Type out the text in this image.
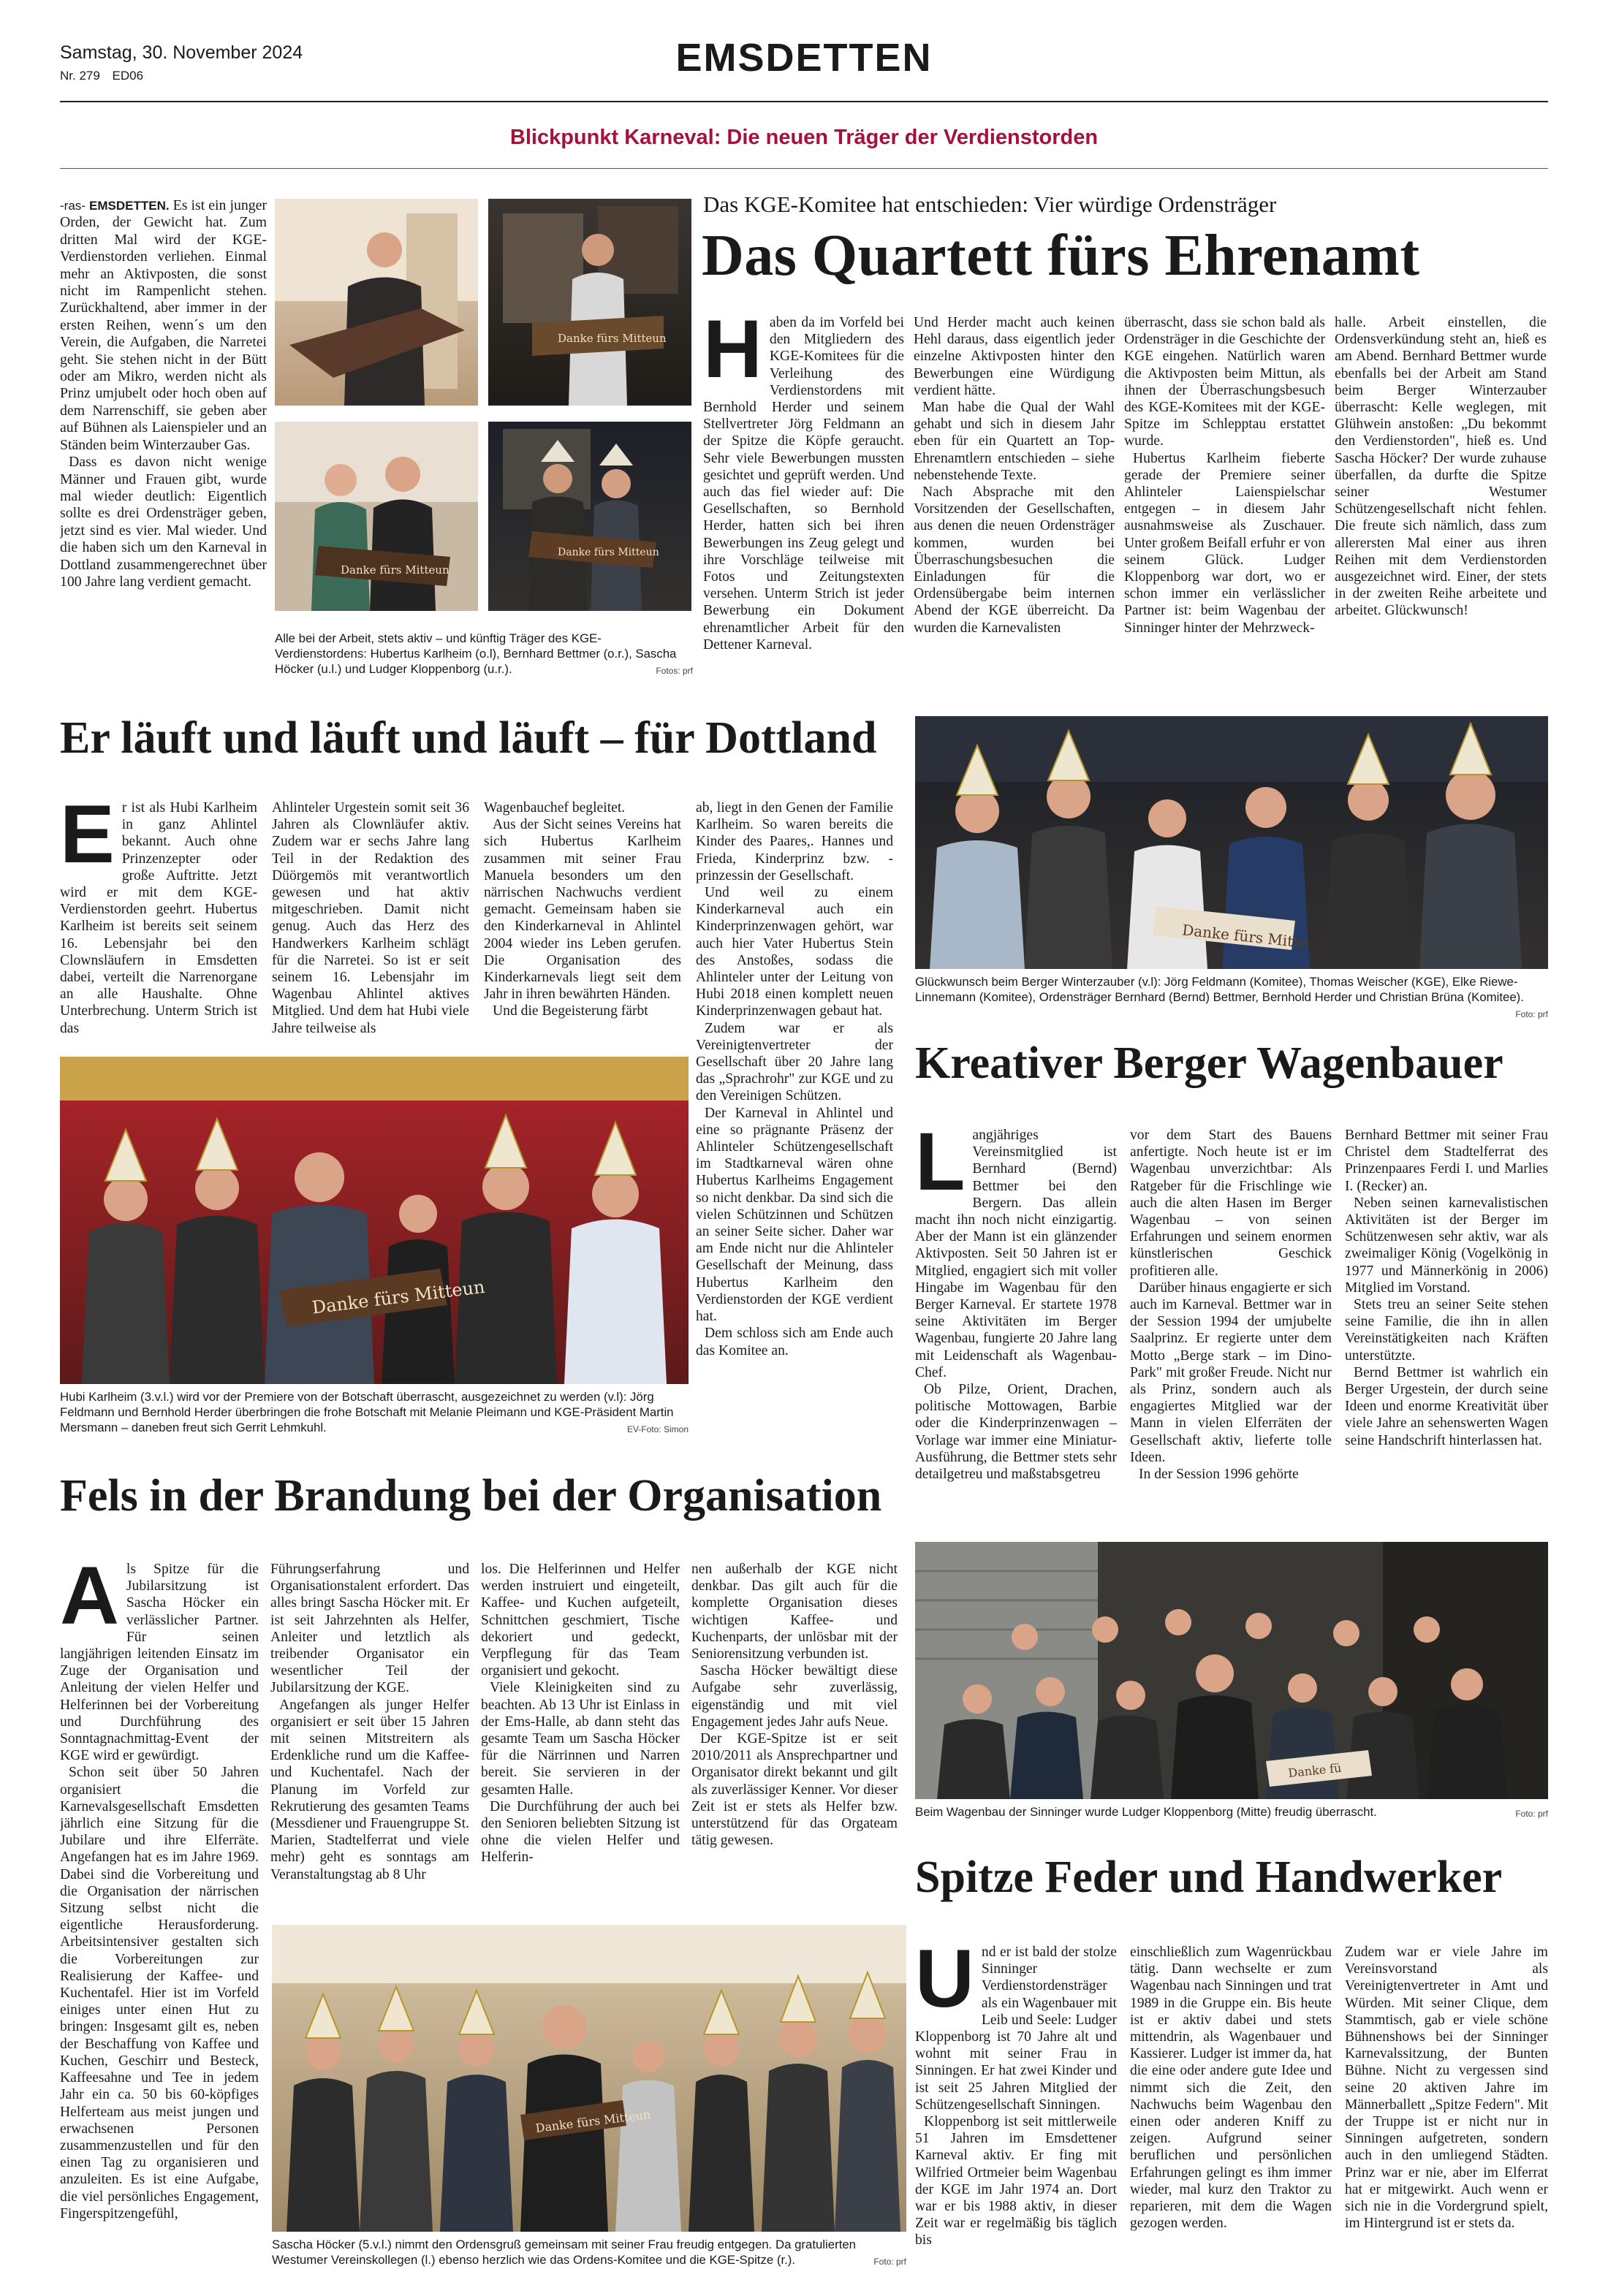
Samstag, 30. November 2024
Nr. 279 ED06	EMSDETTEN
Blickpunkt Karneval: Die neuen Träger der Verdienstorden

-ras- EMSDETTEN. Es ist ein junger Orden, der Gewicht hat. Zum dritten Mal wird der KGE-Verdienstorden verliehen. Einmal mehr an Aktivposten, die sonst nicht im Rampenlicht stehen. Zurückhaltend, aber immer in der ersten Reihen, wenn´s um den Verein, die Aufgaben, die Narretei geht. Sie stehen nicht in der Bütt oder am Mikro, werden nicht als Prinz umjubelt oder hoch oben auf dem Narrenschiff, sie geben aber auf Bühnen als Laienspieler und an Ständen beim Winterzauber Gas.

Dass es davon nicht wenige Männer und Frauen gibt, wurde mal wieder deutlich: Eigentlich sollte es drei Ordensträger geben, jetzt sind es vier. Mal wieder. Und die haben sich um den Karneval in Dottland zusammengerechnet über 100 Jahre lang verdient gemacht.

Danke fürs Mitteun
Danke fürs Mitteun
Danke fürs Mitteun
Alle bei der Arbeit, stets aktiv – und künftig Träger des KGE-Verdienstordens: Hubertus Karlheim (o.l), Bernhard Bettmer (o.r.), Sascha Höcker (u.l.) und Ludger Kloppenborg (u.r.).	Fotos: prf
Das KGE-Komitee hat entschieden: Vier würdige Ordensträger
Das Quartett fürs Ehrenamt

Haben da im Vorfeld bei den Mitgliedern des KGE-Komitees für die Verleihung des Verdienstordens mit Bernhold Herder und seinem Stellvertreter Jörg Feldmann an der Spitze die Köpfe geraucht. Sehr viele Bewerbungen mussten gesichtet und geprüft werden. Und auch das fiel wieder auf: Die Gesellschaften, so Bernhold Herder, hatten sich bei ihren Bewerbungen ins Zeug gelegt und ihre Vorschläge teilweise mit Fotos und Zeitungstexten versehen. Unterm Strich ist jeder Bewerbung ein Dokument ehrenamtlicher Arbeit für den Dettener Karneval.

Und Herder macht auch keinen Hehl daraus, dass eigentlich jeder einzelne Aktivposten hinter den Bewerbungen eine Würdigung verdient hätte.

Man habe die Qual der Wahl gehabt und sich in diesem Jahr eben für ein Quartett an Top-Ehrenamtlern entschieden – siehe nebenstehende Texte.

Nach Absprache mit den Vorsitzenden der Gesellschaften, aus denen die neuen Ordensträger kommen, wurden bei Überraschungsbesuchen die Einladungen für die Ordensübergabe beim internen Abend der KGE überreicht. Da wurden die Karnevalisten

überrascht, dass sie schon bald als Ordensträger in die Geschichte der KGE eingehen. Natürlich waren die Aktivposten beim Mittun, als ihnen der Überraschungsbesuch des KGE-Komitees mit der KGE-Spitze im Schlepptau erstattet wurde.

Hubertus Karlheim fieberte gerade der Premiere seiner Ahlinteler Laienspielschar entgegen – in diesem Jahr ausnahmsweise als Zuschauer. Unter großem Beifall erfuhr er von seinem Glück. Ludger Kloppenborg war dort, wo er schon immer ein verlässlicher Partner ist: beim Wagenbau der Sinninger hinter der Mehrzweck-

halle. Arbeit einstellen, die Ordensverkündung steht an, hieß es am Abend. Bernhard Bettmer wurde ebenfalls bei der Arbeit am Stand beim Berger Winterzauber überrascht: Kelle weglegen, mit Glühwein anstoßen: „Du bekommt den Verdienstorden", hieß es. Und Sascha Höcker? Der wurde zuhause überfallen, da durfte die Spitze seiner Westumer Schützengesellschaft nicht fehlen. Die freute sich nämlich, dass zum allerersten Mal einer aus ihren Reihen mit dem Verdienstorden ausgezeichnet wird. Einer, der stets in der zweiten Reihe arbeitete und arbeitet. Glückwunsch!

Er läuft und läuft und läuft – für Dottland

Er ist als Hubi Karlheim in ganz Ahlintel bekannt. Auch ohne Prinzenzepter oder große Auftritte. Jetzt wird er mit dem KGE-Verdienstorden geehrt. Hubertus Karlheim ist bereits seit seinem 16. Lebensjahr bei den Clownsläufern in Emsdetten dabei, verteilt die Narrenorgane an alle Haushalte. Ohne Unterbrechung. Unterm Strich ist das

Ahlinteler Urgestein somit seit 36 Jahren als Clownläufer aktiv. Zudem war er sechs Jahre lang Teil in der Redaktion des Düörgemös mit verantwortlich gewesen und hat aktiv mitgeschrieben. Damit nicht genug. Auch das Herz des Handwerkers Karlheim schlägt für die Narretei. So ist er seit seinem 16. Lebensjahr im Wagenbau Ahlintel aktives Mitglied. Und dem hat Hubi viele Jahre teilweise als

Wagenbauchef begleitet.

Aus der Sicht seines Vereins hat sich Hubertus Karlheim zusammen mit seiner Frau Manuela besonders um den närrischen Nachwuchs verdient gemacht. Gemeinsam haben sie den Kinderkarneval in Ahlintel 2004 wieder ins Leben gerufen. Die Organisation des Kinderkarnevals liegt seit dem Jahr in ihren bewährten Händen.

Und die Begeisterung färbt

ab, liegt in den Genen der Familie Karlheim. So waren bereits die Kinder des Paares,. Hannes und Frieda, Kinderprinz bzw. -prinzessin der Gesellschaft.

Und weil zu einem Kinderkarneval auch ein Kinderprinzenwagen gehört, war auch hier Vater Hubertus Stein des Anstoßes, sodass die Ahlinteler unter der Leitung von Hubi 2018 einen komplett neuen Kinderprinzenwagen gebaut hat.

Zudem war er als Vereinigtenvertreter der Gesellschaft über 20 Jahre lang das „Sprachrohr" zur KGE und zu den Vereinigen Schützen.

Der Karneval in Ahlintel und eine so prägnante Präsenz der Ahlinteler Schützengesellschaft im Stadtkarneval wären ohne Hubertus Karlheims Engagement so nicht denkbar. Da sind sich die vielen Schützinnen und Schützen an seiner Seite sicher. Daher war am Ende nicht nur die Ahlinteler Gesellschaft der Meinung, dass Hubertus Karlheim den Verdienstorden der KGE verdient hat.

Dem schloss sich am Ende auch das Komitee an.

Danke fürs Mitteun
Hubi Karlheim (3.v.l.) wird vor der Premiere von der Botschaft überrascht, ausgezeichnet zu werden (v.l): Jörg Feldmann und Bernhold Herder überbringen die frohe Botschaft mit Melanie Pleimann und KGE-Präsident Martin Mersmann – daneben freut sich Gerrit Lehmkuhl.	EV-Foto: Simon
Danke fürs Mitte
Glückwunsch beim Berger Winterzauber (v.l): Jörg Feldmann (Komitee), Thomas Weischer (KGE), Elke Riewe-Linnemann (Komitee), Ordensträger Bernhard (Bernd) Bettmer, Bernhold Herder und Christian Brüna (Komitee).
Foto: prf
Kreativer Berger Wagenbauer

Langjähriges Vereinsmitglied ist Bernhard (Bernd) Bettmer bei den Bergern. Das allein macht ihn noch nicht einzigartig. Aber der Mann ist ein glänzender Aktivposten. Seit 50 Jahren ist er Mitglied, engagiert sich mit voller Hingabe im Wagenbau für den Berger Karneval. Er startete 1978 seine Aktivitäten im Berger Wagenbau, fungierte 20 Jahre lang mit Leidenschaft als Wagenbau-Chef.

Ob Pilze, Orient, Drachen, politische Mottowagen, Barbie oder die Kinderprinzenwagen – Vorlage war immer eine Miniatur-Ausführung, die Bettmer stets sehr detailgetreu und maßstabsgetreu

vor dem Start des Bauens anfertigte. Noch heute ist er im Wagenbau unverzichtbar: Als Ratgeber für die Frischlinge wie auch die alten Hasen im Berger Wagenbau – von seinen Erfahrungen und seinem enormen künstlerischen Geschick profitieren alle.

Darüber hinaus engagierte er sich auch im Karneval. Bettmer war in der Session 1994 der umjubelte Saalprinz. Er regierte unter dem Motto „Berge stark – im Dino-Park" mit großer Freude. Nicht nur als Prinz, sondern auch als engagiertes Mitglied war der Mann in vielen Elferräten der Gesellschaft aktiv, lieferte tolle Ideen.

In der Session 1996 gehörte

Bernhard Bettmer mit seiner Frau Christel dem Stadtelferrat des Prinzenpaares Ferdi I. und Marlies I. (Recker) an.

Neben seinen karnevalistischen Aktivitäten ist der Berger im Schützenwesen sehr aktiv, war als zweimaliger König (Vogelkönig in 1977 und Männerkönig in 2006) Mitglied im Vorstand.

Stets treu an seiner Seite stehen seine Familie, die ihn in allen Vereinstätigkeiten nach Kräften unterstützte.

Bernd Bettmer ist wahrlich ein Berger Urgestein, der durch seine Ideen und enorme Kreativität über viele Jahre an sehenswerten Wagen seine Handschrift hinterlassen hat.

Fels in der Brandung bei der Organisation

Als Spitze für die Jubilarsitzung ist Sascha Höcker ein verlässlicher Partner. Für seinen langjährigen leitenden Einsatz im Zuge der Organisation und Anleitung der vielen Helfer und Helferinnen bei der Vorbereitung und Durchführung des Sonntagnachmittag-Event der KGE wird er gewürdigt.

Schon seit über 50 Jahren organisiert die Karnevalsgesellschaft Emsdetten jährlich eine Sitzung für die Jubilare und ihre Elferräte. Angefangen hat es im Jahre 1969. Dabei sind die Vorbereitung und die Organisation der närrischen Sitzung selbst nicht die eigentliche Herausforderung. Arbeitsintensiver gestalten sich die Vorbereitungen zur Realisierung der Kaffee- und Kuchentafel. Hier ist im Vorfeld einiges unter einen Hut zu bringen: Insgesamt gilt es, neben der Beschaffung von Kaffee und Kuchen, Geschirr und Besteck, Kaffeesahne und Tee in jedem Jahr ein ca. 50 bis 60-köpfiges Helferteam aus meist jungen und erwachsenen Personen zusammenzustellen und für den einen Tag zu organisieren und anzuleiten. Es ist eine Aufgabe, die viel persönliches Engagement, Fingerspitzengefühl,

Führungserfahrung und Organisationstalent erfordert. Das alles bringt Sascha Höcker mit. Er ist seit Jahrzehnten als Helfer, Anleiter und letztlich als treibender Organisator ein wesentlicher Teil der Jubilarsitzung der KGE.

Angefangen als junger Helfer organisiert er seit über 15 Jahren mit seinen Mitstreitern als Erdenkliche rund um die Kaffee- und Kuchentafel. Nach der Planung im Vorfeld zur Rekrutierung des gesamten Teams (Messdiener und Frauengruppe St. Marien, Stadtelferrat und viele mehr) geht es sonntags am Veranstaltungstag ab 8 Uhr

los. Die Helferinnen und Helfer werden instruiert und eingeteilt, Kaffee- und Kuchen aufgeteilt, Schnittchen geschmiert, Tische dekoriert und gedeckt, Verpflegung für das Team organisiert und gekocht.

Viele Kleinigkeiten sind zu beachten. Ab 13 Uhr ist Einlass in der Ems-Halle, ab dann steht das gesamte Team um Sascha Höcker für die Närrinnen und Narren bereit. Sie servieren in der gesamten Halle.

Die Durchführung der auch bei den Senioren beliebten Sitzung ist ohne die vielen Helfer und Helferin-

nen außerhalb der KGE nicht denkbar. Das gilt auch für die komplette Organisation dieses wichtigen Kaffee- und Kuchenparts, der unlösbar mit der Seniorensitzung verbunden ist.

Sascha Höcker bewältigt diese Aufgabe sehr zuverlässig, eigenständig und mit viel Engagement jedes Jahr aufs Neue.

Der KGE-Spitze ist er seit 2010/2011 als Ansprechpartner und Organisator direkt bekannt und gilt als zuverlässiger Kenner. Vor dieser Zeit ist er stets als Helfer bzw. unterstützend für das Orgateam tätig gewesen.

Danke fürs Mitteun
Sascha Höcker (5.v.l.) nimmt den Ordensgruß gemeinsam mit seiner Frau freudig entgegen. Da gratulierten Westumer Vereinskollegen (l.) ebenso herzlich wie das Ordens-Komitee und die KGE-Spitze (r.).	Foto: prf
Danke fü
Beim Wagenbau der Sinninger wurde Ludger Kloppenborg (Mitte) freudig überrascht.	Foto: prf
Spitze Feder und Handwerker

Und er ist bald der stolze Sinninger Verdienstordensträger als ein Wagenbauer mit Leib und Seele: Ludger Kloppenborg ist 70 Jahre alt und wohnt mit seiner Frau in Sinningen. Er hat zwei Kinder und ist seit 25 Jahren Mitglied der Schützengesellschaft Sinningen.

Kloppenborg ist seit mittlerweile 51 Jahren im Emsdettener Karneval aktiv. Er fing mit Wilfried Ortmeier beim Wagenbau der KGE im Jahr 1974 an. Dort war er bis 1988 aktiv, in dieser Zeit war er regelmäßig bis täglich bis

einschließlich zum Wagenrückbau tätig. Dann wechselte er zum Wagenbau nach Sinningen und trat 1989 in die Gruppe ein. Bis heute ist er aktiv dabei und stets mittendrin, als Wagenbauer und Kassierer. Ludger ist immer da, hat die eine oder andere gute Idee und nimmt sich die Zeit, den Nachwuchs beim Wagenbau den einen oder anderen Kniff zu zeigen. Aufgrund seiner beruflichen und persönlichen Erfahrungen gelingt es ihm immer wieder, mal kurz den Traktor zu reparieren, mit dem die Wagen gezogen werden.

Zudem war er viele Jahre im Vereinsvorstand als Vereinigtenvertreter in Amt und Würden. Mit seiner Clique, dem Stammtisch, gab er viele schöne Bühnenshows bei der Sinninger Karnevalssitzung, der Bunten Bühne. Nicht zu vergessen sind seine 20 aktiven Jahre im Männerballett „Spitze Federn". Mit der Truppe ist er nicht nur in Sinningen aufgetreten, sondern auch in den umliegend Städten. Prinz war er nie, aber im Elferrat hat er mitgewirkt. Auch wenn er sich nie in die Vordergrund spielt, im Hintergrund ist er stets da.
